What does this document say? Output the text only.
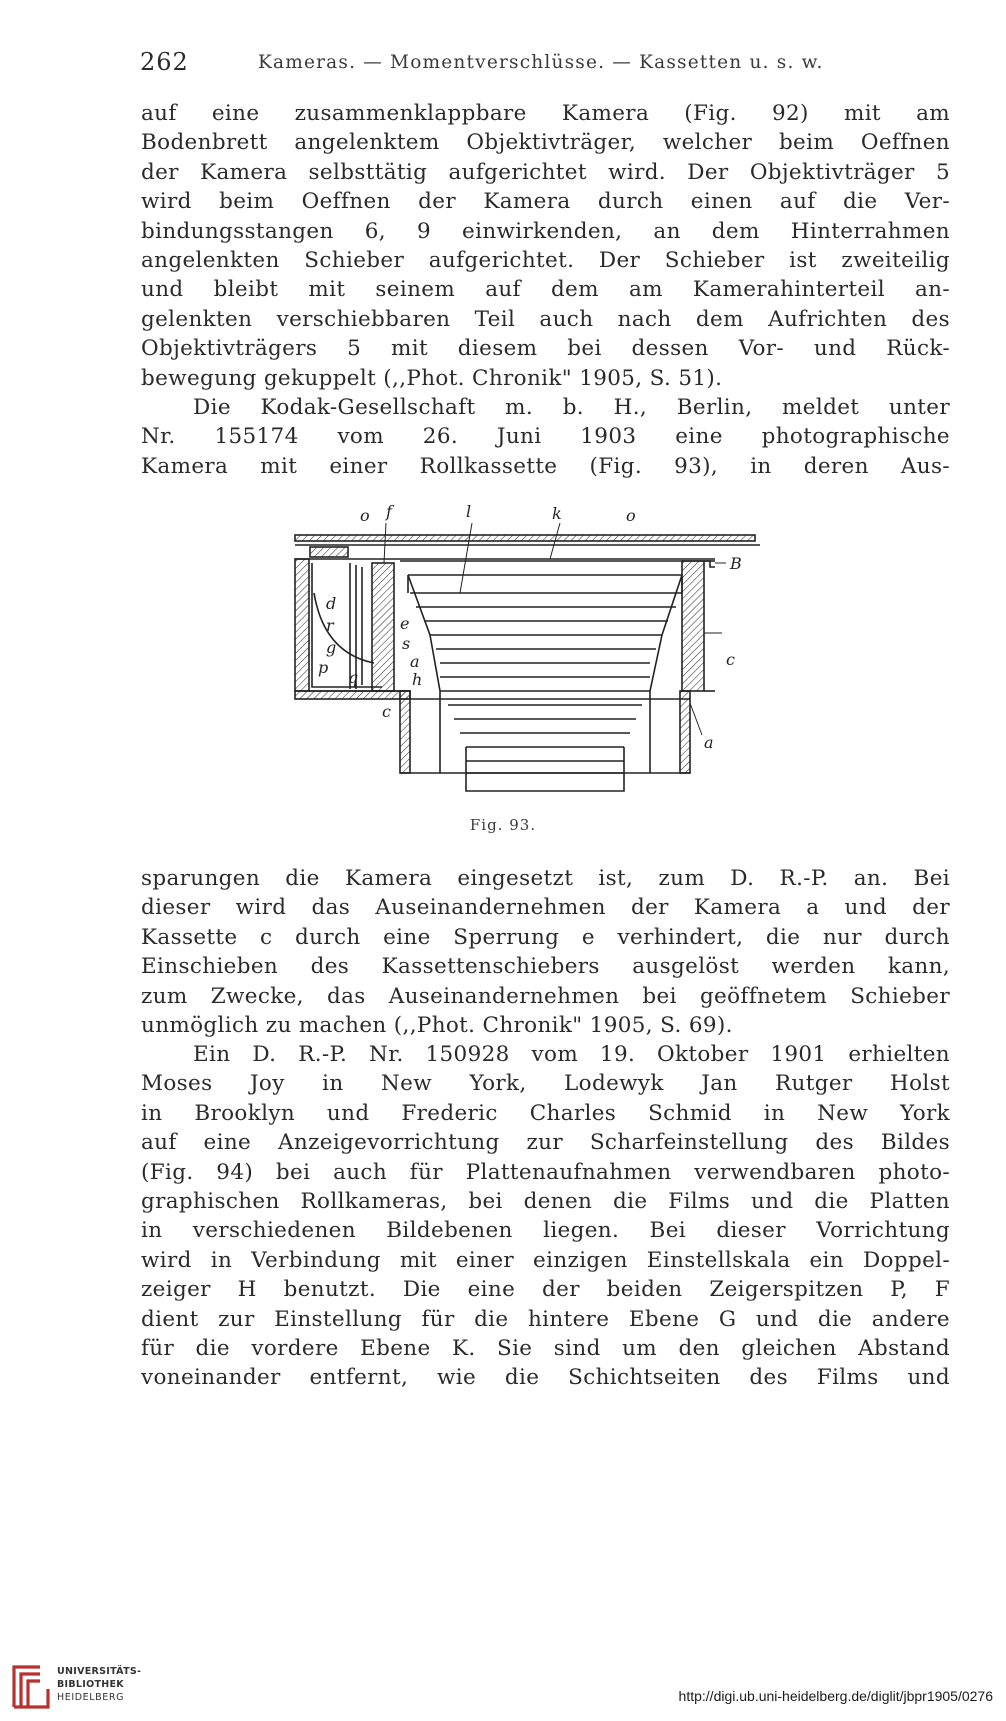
262	Kameras. — Momentverschlüsse. — Kassetten u. s. w.
auf eine zusammenklappbare Kamera (Fig. 92) mit am
Bodenbrett angelenktem Objektivträger, welcher beim Oeffnen
der Kamera selbsttätig aufgerichtet wird. Der Objektivträger 5
wird beim Oeffnen der Kamera durch einen auf die Ver-
bindungsstangen 6, 9 einwirkenden, an dem Hinterrahmen
angelenkten Schieber aufgerichtet. Der Schieber ist zweiteilig
und bleibt mit seinem auf dem am Kamerahinterteil an-
gelenkten verschiebbaren Teil auch nach dem Aufrichten des
Objektivträgers 5 mit diesem bei dessen Vor- und Rück-
bewegung gekuppelt (,,Phot. Chronik" 1905, S. 51).
Die Kodak-Gesellschaft m. b. H., Berlin, meldet unter
Nr. 155174 vom 26. Juni 1903 eine photographische
Kamera mit einer Rollkassette (Fig. 93), in deren Aus-
o f	l	k	o
B
d
r
g
e
s
a
p
q	h
c
c
a
Fig. 93.
sparungen die Kamera eingesetzt ist, zum D. R.-P. an. Bei
dieser wird das Auseinandernehmen der Kamera a und der
Kassette c durch eine Sperrung e verhindert, die nur durch
Einschieben des Kassettenschiebers ausgelöst werden kann,
zum Zwecke, das Auseinandernehmen bei geöffnetem Schieber
unmöglich zu machen (,,Phot. Chronik" 1905, S. 69).
Ein D. R.-P. Nr. 150928 vom 19. Oktober 1901 erhielten
Moses Joy in New York, Lodewyk Jan Rutger Holst
in Brooklyn und Frederic Charles Schmid in New York
auf eine Anzeigevorrichtung zur Scharfeinstellung des Bildes
(Fig. 94) bei auch für Plattenaufnahmen verwendbaren photo-
graphischen Rollkameras, bei denen die Films und die Platten
in verschiedenen Bildebenen liegen. Bei dieser Vorrichtung
wird in Verbindung mit einer einzigen Einstellskala ein Doppel-
zeiger H benutzt. Die eine der beiden Zeigerspitzen P, F
dient zur Einstellung für die hintere Ebene G und die andere
für die vordere Ebene K. Sie sind um den gleichen Abstand
voneinander entfernt, wie die Schichtseiten des Films und
UNIVERSITÄTS-
BIBLIOTHEK
HEIDELBERG	http://digi.ub.uni-heidelberg.de/diglit/jbpr1905/0276
